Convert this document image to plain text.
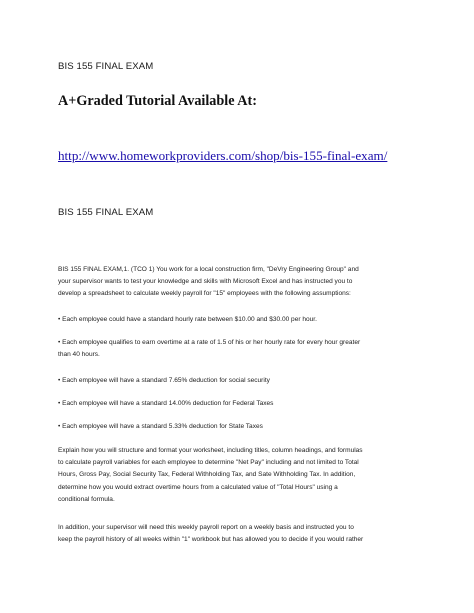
BIS 155 FINAL EXAM
A+Graded Tutorial Available At:
http://www.homeworkproviders.com/shop/bis-155-final-exam/
BIS 155 FINAL EXAM
BIS 155 FINAL EXAM,1. (TCO 1) You work for a local construction firm, "DeVry Engineering Group" and
your supervisor wants to test your knowledge and skills with Microsoft Excel and has instructed you to
develop a spreadsheet to calculate weekly payroll for "15" employees with the following assumptions:
• Each employee could have a standard hourly rate between $10.00 and $30.00 per hour.
• Each employee qualifies to earn overtime at a rate of 1.5 of his or her hourly rate for every hour greater
than 40 hours.
• Each employee will have a standard 7.65% deduction for social security
• Each employee will have a standard 14.00% deduction for Federal Taxes
• Each employee will have a standard 5.33% deduction for State Taxes
Explain how you will structure and format your worksheet, including titles, column headings, and formulas
to calculate payroll variables for each employee to determine "Net Pay" including and not limited to Total
Hours, Gross Pay, Social Security Tax, Federal Withholding Tax, and Sate Withholding Tax. In addition,
determine how you would extract overtime hours from a calculated value of "Total Hours" using a
conditional formula.
In addition, your supervisor will need this weekly payroll report on a weekly basis and instructed you to
keep the payroll history of all weeks within "1" workbook but has allowed you to decide if you would rather
